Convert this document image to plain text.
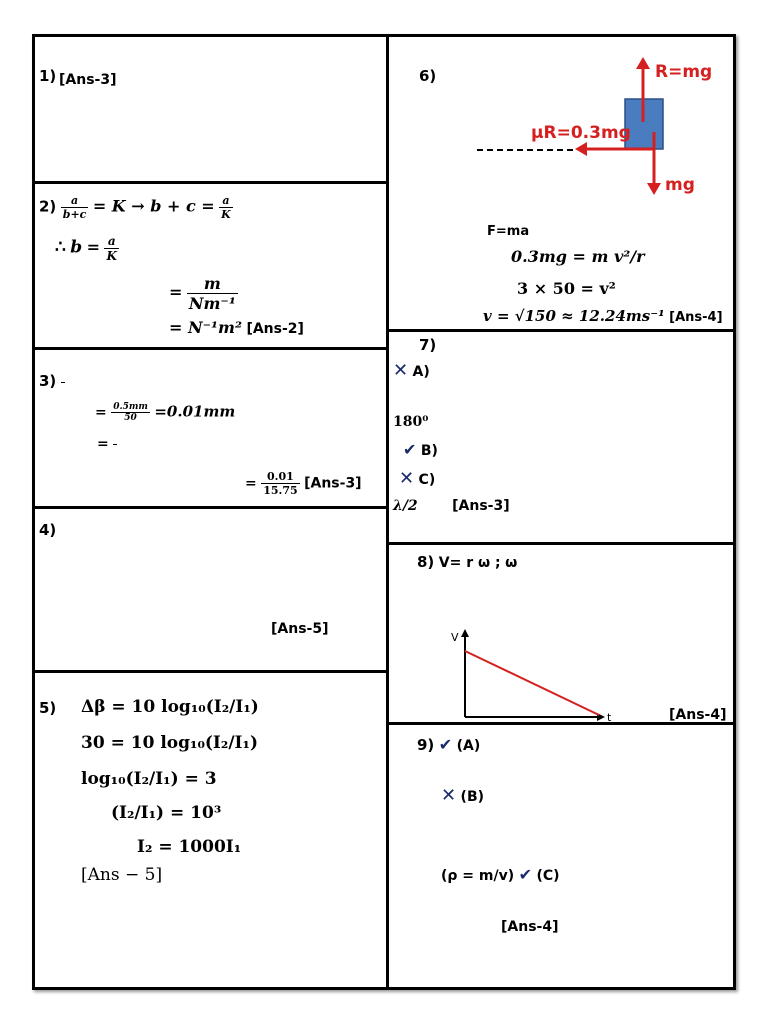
1) [Ans-3]
$2) \frac{a}{b+c} = K \to b + c = \frac{a}{K}$
∴ $b = \frac{a}{K}$
= $\frac{m}{\text{Nm⁻¹}}$
= N⁻¹m² [Ans-2]
3)
= $\frac{0.5mm}{50} =0.01mm$
=
= $\frac{0.01}{15.75} [Ans-3]$
4)
[Ans-5]
5) Δβ = 10 log₁₀(I₂/I₁)
30 = 10 log₁₀(I₂/I₁)
log₁₀(I₂/I₁) = 3
(I₂/I₁) = 10³
I₂ = 1000I₁
[Ans − 5]
6)	R=mg
μR=0.3mg
mg
F=ma
0.3mg = m v²/r
3 × 50 = v²
v = √150 ≈ 12.24ms⁻¹ [Ans-4]
7)
✕ A)
180⁰
✔ B)
✕ C)
λ/2 [Ans-3]
8) V= r ω ; ω
V
t	[Ans-4]
9) ✔ (A)
✕ (B)
(ρ = m/v) ✔ (C)
[Ans-4]
